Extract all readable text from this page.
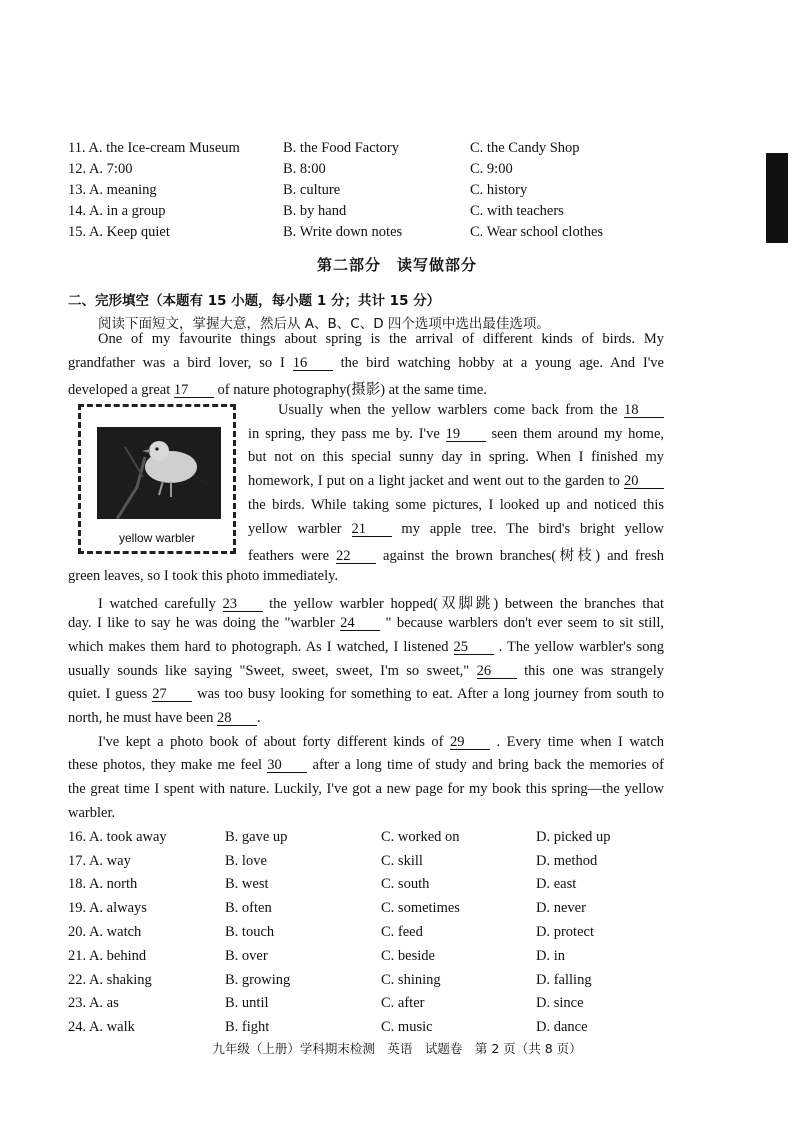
11. A. the Ice-cream Museum	B. the Food Factory	C. the Candy Shop
12. A. 7:00	B. 8:00	C. 9:00
13. A. meaning	B. culture	C. history
14. A. in a group	B. by hand	C. with teachers
15. A. Keep quiet	B. Write down notes	C. Wear school clothes
第二部分　读写做部分
二、完形填空（本题有 15 小题，每小题 1 分；共计 15 分）
阅读下面短文，掌握大意，然后从 A、B、C、D 四个选项中选出最佳选项。
One of my favourite things about spring is the arrival of different kinds of birds. My
grandfather was a bird lover, so I 16 the bird watching hobby at a young age. And I've
developed a great 17 of nature photography(摄影) at the same time.
yellow warbler
Usually when the yellow warblers come back from the 18
in spring, they pass me by. I've 19 seen them around my home,
but not on this special sunny day in spring. When I finished my
homework, I put on a light jacket and went out to the garden to 20
the birds. While taking some pictures, I looked up and noticed this
yellow warbler 21 my apple tree. The bird's bright yellow
feathers were 22 against the brown branches(树枝) and fresh
green leaves, so I took this photo immediately.
I watched carefully 23 the yellow warbler hopped(双脚跳) between the branches that
day. I like to say he was doing the "warbler 24 " because warblers don't ever seem to sit still,
which makes them hard to photograph. As I watched, I listened 25 . The yellow warbler's song
usually sounds like saying "Sweet, sweet, sweet, I'm so sweet," 26 this one was strangely
quiet. I guess 27 was too busy looking for something to eat. After a long journey from south to
north, he must have been 28 .
I've kept a photo book of about forty different kinds of 29 . Every time when I watch
these photos, they make me feel 30 after a long time of study and bring back the memories of
the great time I spent with nature. Luckily, I've got a new page for my book this spring—the yellow
warbler.
16. A. took away	B. gave up	C. worked on	D. picked up
17. A. way	B. love	C. skill	D. method
18. A. north	B. west	C. south	D. east
19. A. always	B. often	C. sometimes	D. never
20. A. watch	B. touch	C. feed	D. protect
21. A. behind	B. over	C. beside	D. in
22. A. shaking	B. growing	C. shining	D. falling
23. A. as	B. until	C. after	D. since
24. A. walk	B. fight	C. music	D. dance
九年级（上册）学科期末检测　英语　试题卷　第 2 页（共 8 页）
